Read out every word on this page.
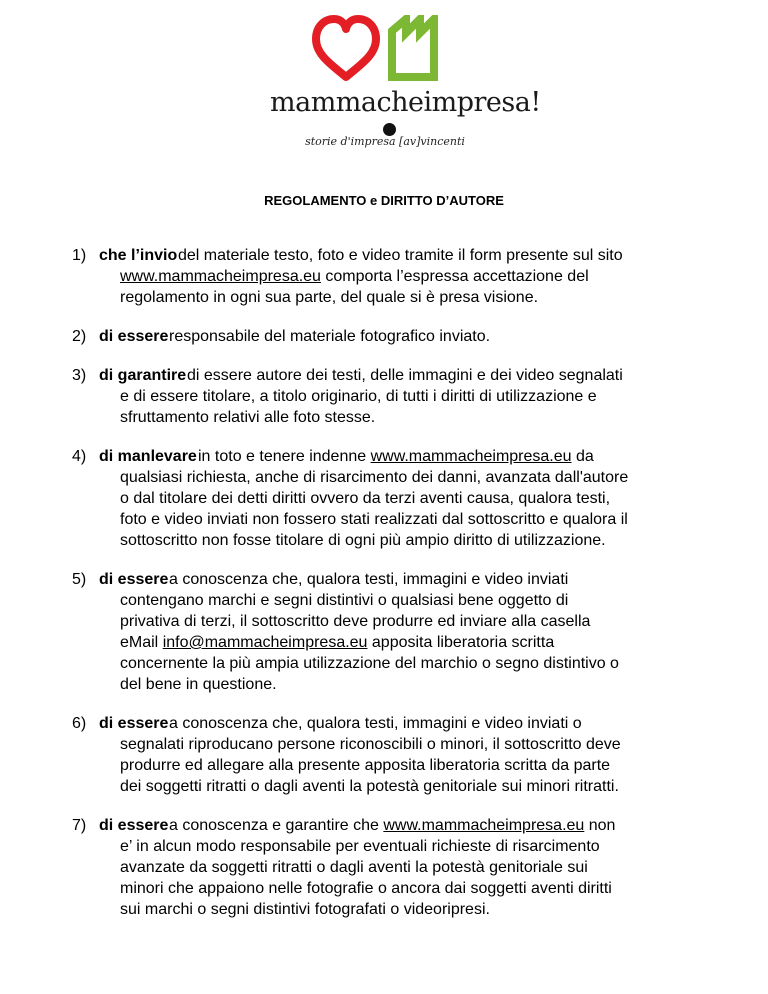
mammacheimpresa!
storie d'impresa [av]vincenti
REGOLAMENTO e DIRITTO D’AUTORE
1) che l’invio del materiale testo, foto e video tramite il form presente sul sito
www.mammacheimpresa.eu comporta l’espressa accettazione del
regolamento in ogni sua parte, del quale si è presa visione.
2) di essere responsabile del materiale fotografico inviato.
3) di garantire di essere autore dei testi, delle immagini e dei video segnalati
e di essere titolare, a titolo originario, di tutti i diritti di utilizzazione e
sfruttamento relativi alle foto stesse.
4) di manlevare in toto e tenere indenne www.mammacheimpresa.eu da
qualsiasi richiesta, anche di risarcimento dei danni, avanzata dall'autore
o dal titolare dei detti diritti ovvero da terzi aventi causa, qualora testi,
foto e video inviati non fossero stati realizzati dal sottoscritto e qualora il
sottoscritto non fosse titolare di ogni più ampio diritto di utilizzazione.
5) di essere a conoscenza che, qualora testi, immagini e video inviati
contengano marchi e segni distintivi o qualsiasi bene oggetto di
privativa di terzi, il sottoscritto deve produrre ed inviare alla casella
eMail info@mammacheimpresa.eu apposita liberatoria scritta
concernente la più ampia utilizzazione del marchio o segno distintivo o
del bene in questione.
6) di essere a conoscenza che, qualora testi, immagini e video inviati o
segnalati riproducano persone riconoscibili o minori, il sottoscritto deve
produrre ed allegare alla presente apposita liberatoria scritta da parte
dei soggetti ritratti o dagli aventi la potestà genitoriale sui minori ritratti.
7) di essere a conoscenza e garantire che www.mammacheimpresa.eu non
e’ in alcun modo responsabile per eventuali richieste di risarcimento
avanzate da soggetti ritratti o dagli aventi la potestà genitoriale sui
minori che appaiono nelle fotografie o ancora dai soggetti aventi diritti
sui marchi o segni distintivi fotografati o videoripresi.
